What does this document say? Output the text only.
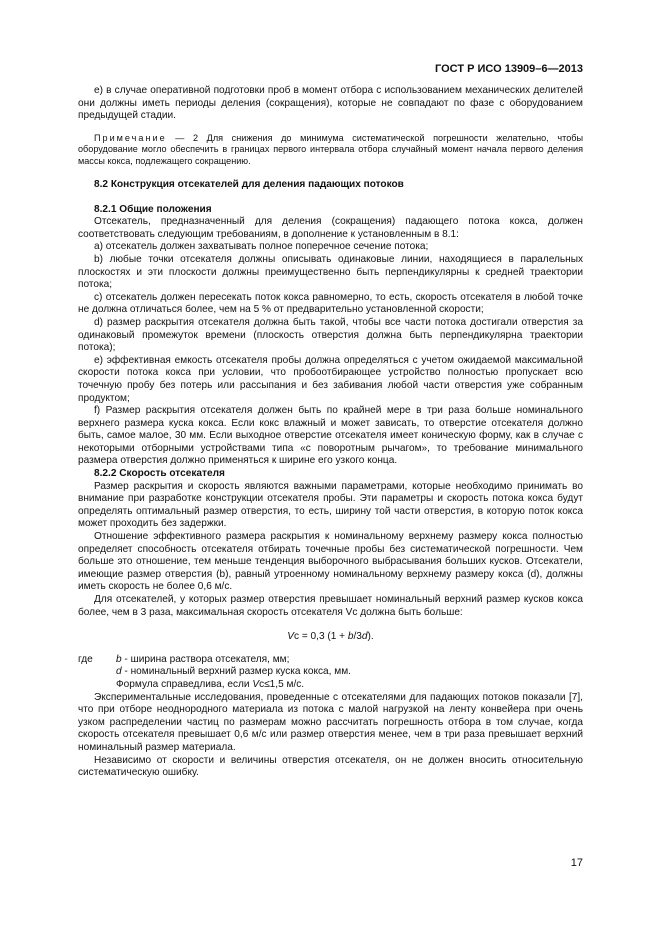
ГОСТ Р ИСО 13909–6—2013

е) в случае оперативной подготовки проб в момент отбора с использованием механических делителей они должны иметь периоды деления (сокращения), которые не совпадают по фазе с оборудованием предыдущей стадии.

Примечание — 2 Для снижения до минимума систематической погрешности желательно, чтобы оборудование могло обеспечить в границах первого интервала отбора случайный момент начала первого деления массы кокса, подлежащего сокращению.

8.2 Конструкция отсекателей для деления падающих потоков

8.2.1 Общие положения

Отсекатель, предназначенный для деления (сокращения) падающего потока кокса, должен соответствовать следующим требованиям, в дополнение к установленным в 8.1:

а) отсекатель должен захватывать полное поперечное сечение потока;

b) любые точки отсекателя должны описывать одинаковые линии, находящиеся в паралельных плоскостях и эти плоскости должны преимущественно быть перпендикулярны к средней траектории потока;

с) отсекатель должен пересекать поток кокса равномерно, то есть, скорость отсекателя в любой точке не должна отличаться более, чем на 5 % от предварительно установленной скорости;

d) размер раскрытия отсекателя должна быть такой, чтобы все части потока достигали отверстия за одинаковый промежуток времени (плоскость отверстия должна быть перпендикулярна траектории потока);

е) эффективная емкость отсекателя пробы должна определяться с учетом ожидаемой максимальной скорости потока кокса при условии, что пробоотбирающее устройство полностью пропускает всю точечную пробу без потерь или рассыпания и без забивания любой части отверстия уже собранным продуктом;

f) Размер раскрытия отсекателя должен быть по крайней мере в три раза больше номинального верхнего размера куска кокса. Если кокс влажный и может зависать, то отверстие отсекателя должно быть, самое малое, 30 мм. Если выходное отверстие отсекателя имеет коническую форму, как в случае с некоторыми отборными устройствами типа «с поворотным рычагом», то требование минимального размера отверстия должно применяться к ширине его узкого конца.

8.2.2 Скорость отсекателя

Размер раскрытия и скорость являются важными параметрами, которые необходимо принимать во внимание при разработке конструкции отсекателя пробы. Эти параметры и скорость потока кокса будут определять оптимальный размер отверстия, то есть, ширину той части отверстия, в которую поток кокса может проходить без задержки.

Отношение эффективного размера раскрытия к номинальному верхнему размеру кокса полностью определяет способность отсекателя отбирать точечные пробы без систематической погрешности. Чем больше это отношение, тем меньше тенденция выборочного выбрасывания больших кусков. Отсекатели, имеющие размер отверстия (b), равный утроенному номинальному верхнему размеру кокса (d), должны иметь скорость не более 0,6 м/с.

Для отсекателей, у которых размер отверстия превышает номинальный верхний размер кусков кокса более, чем в 3 раза, максимальная скорость отсекателя Vc должна быть больше:

Vc = 0,3 (1 + b/3d).

где	b - ширина раствора отсекателя, мм;

d - номинальный верхний размер куска кокса, мм.

Формула справедлива, если Vc≤1,5 м/с.

Экспериментальные исследования, проведенные с отсекателями для падающих потоков показали [7], что при отборе неоднородного материала из потока с малой нагрузкой на ленту конвейера при очень узком распределении частиц по размерам можно рассчитать погрешность отбора в том случае, когда скорость отсекателя превышает 0,6 м/с или размер отверстия менее, чем в три раза превышает верхний номинальный размер материала.

Независимо от скорости и величины отверстия отсекателя, он не должен вносить относительную систематическую ошибку.

17
